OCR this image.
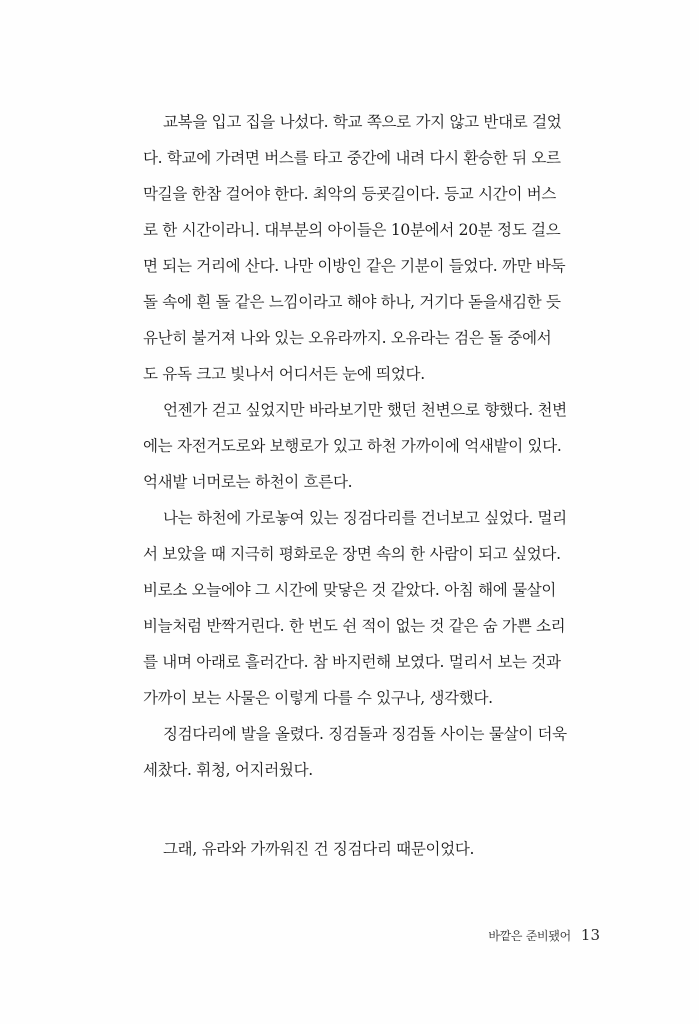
교복을 입고 집을 나섰다. 학교 쪽으로 가지 않고 반대로 걸었
다. 학교에 가려면 버스를 타고 중간에 내려 다시 환승한 뒤 오르
막길을 한참 걸어야 한다. 최악의 등굣길이다. 등교 시간이 버스
로 한 시간이라니. 대부분의 아이들은 10분에서 20분 정도 걸으
면 되는 거리에 산다. 나만 이방인 같은 기분이 들었다. 까만 바둑
돌 속에 흰 돌 같은 느낌이라고 해야 하나, 거기다 돋을새김한 듯
유난히 불거져 나와 있는 오유라까지. 오유라는 검은 돌 중에서
도 유독 크고 빛나서 어디서든 눈에 띄었다.
언젠가 걷고 싶었지만 바라보기만 했던 천변으로 향했다. 천변
에는 자전거도로와 보행로가 있고 하천 가까이에 억새밭이 있다.
억새밭 너머로는 하천이 흐른다.
나는 하천에 가로놓여 있는 징검다리를 건너보고 싶었다. 멀리
서 보았을 때 지극히 평화로운 장면 속의 한 사람이 되고 싶었다.
비로소 오늘에야 그 시간에 맞닿은 것 같았다. 아침 해에 물살이
비늘처럼 반짝거린다. 한 번도 쉰 적이 없는 것 같은 숨 가쁜 소리
를 내며 아래로 흘러간다. 참 바지런해 보였다. 멀리서 보는 것과
가까이 보는 사물은 이렇게 다를 수 있구나, 생각했다.
징검다리에 발을 올렸다. 징검돌과 징검돌 사이는 물살이 더욱
세찼다. 휘청, 어지러웠다.
그래, 유라와 가까워진 건 징검다리 때문이었다.
바깥은 준비됐어 13
